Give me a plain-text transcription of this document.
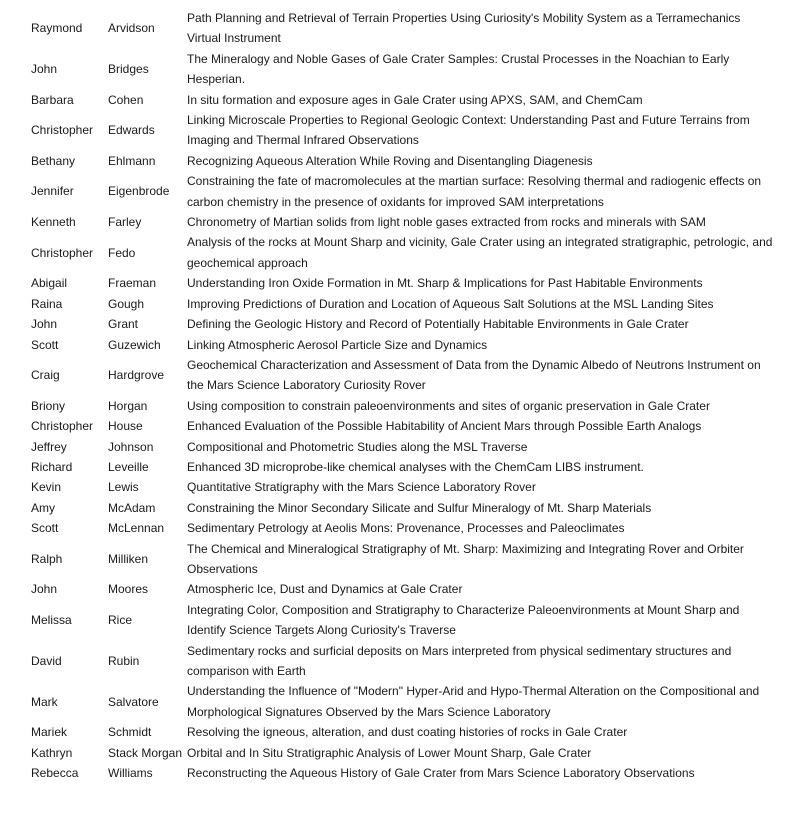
Raymond	Arvidson	Path Planning and Retrieval of Terrain Properties Using Curiosity's Mobility System as a Terramechanics Virtual Instrument
John	Bridges	The Mineralogy and Noble Gases of Gale Crater Samples: Crustal Processes in the Noachian to Early Hesperian.
Barbara	Cohen	In situ formation and exposure ages in Gale Crater using APXS, SAM, and ChemCam
Christopher	Edwards	Linking Microscale Properties to Regional Geologic Context: Understanding Past and Future Terrains from Imaging and Thermal Infrared Observations
Bethany	Ehlmann	Recognizing Aqueous Alteration While Roving and Disentangling Diagenesis
Jennifer	Eigenbrode	Constraining the fate of macromolecules at the martian surface: Resolving thermal and radiogenic effects on carbon chemistry in the presence of oxidants for improved SAM interpretations
Kenneth	Farley	Chronometry of Martian solids from light noble gases extracted from rocks and minerals with SAM
Christopher	Fedo	Analysis of the rocks at Mount Sharp and vicinity, Gale Crater using an integrated stratigraphic, petrologic, and geochemical approach
Abigail	Fraeman	Understanding Iron Oxide Formation in Mt. Sharp & Implications for Past Habitable Environments
Raina	Gough	Improving Predictions of Duration and Location of Aqueous Salt Solutions at the MSL Landing Sites
John	Grant	Defining the Geologic History and Record of Potentially Habitable Environments in Gale Crater
Scott	Guzewich	Linking Atmospheric Aerosol Particle Size and Dynamics
Craig	Hardgrove	Geochemical Characterization and Assessment of Data from the Dynamic Albedo of Neutrons Instrument on the Mars Science Laboratory Curiosity Rover
Briony	Horgan	Using composition to constrain paleoenvironments and sites of organic preservation in Gale Crater
Christopher	House	Enhanced Evaluation of the Possible Habitability of Ancient Mars through Possible Earth Analogs
Jeffrey	Johnson	Compositional and Photometric Studies along the MSL Traverse
Richard	Leveille	Enhanced 3D microprobe-like chemical analyses with the ChemCam LIBS instrument.
Kevin	Lewis	Quantitative Stratigraphy with the Mars Science Laboratory Rover
Amy	McAdam	Constraining the Minor Secondary Silicate and Sulfur Mineralogy of Mt. Sharp Materials
Scott	McLennan	Sedimentary Petrology at Aeolis Mons: Provenance, Processes and Paleoclimates
Ralph	Milliken	The Chemical and Mineralogical Stratigraphy of Mt. Sharp: Maximizing and Integrating Rover and Orbiter Observations
John	Moores	Atmospheric Ice, Dust and Dynamics at Gale Crater
Melissa	Rice	Integrating Color, Composition and Stratigraphy to Characterize Paleoenvironments at Mount Sharp and Identify Science Targets Along Curiosity's Traverse
David	Rubin	Sedimentary rocks and surficial deposits on Mars interpreted from physical sedimentary structures and comparison with Earth
Mark	Salvatore	Understanding the Influence of "Modern" Hyper-Arid and Hypo-Thermal Alteration on the Compositional and Morphological Signatures Observed by the Mars Science Laboratory
Mariek	Schmidt	Resolving the igneous, alteration, and dust coating histories of rocks in Gale Crater
Kathryn	Stack Morgan	Orbital and In Situ Stratigraphic Analysis of Lower Mount Sharp, Gale Crater
Rebecca	Williams	Reconstructing the Aqueous History of Gale Crater from Mars Science Laboratory Observations
